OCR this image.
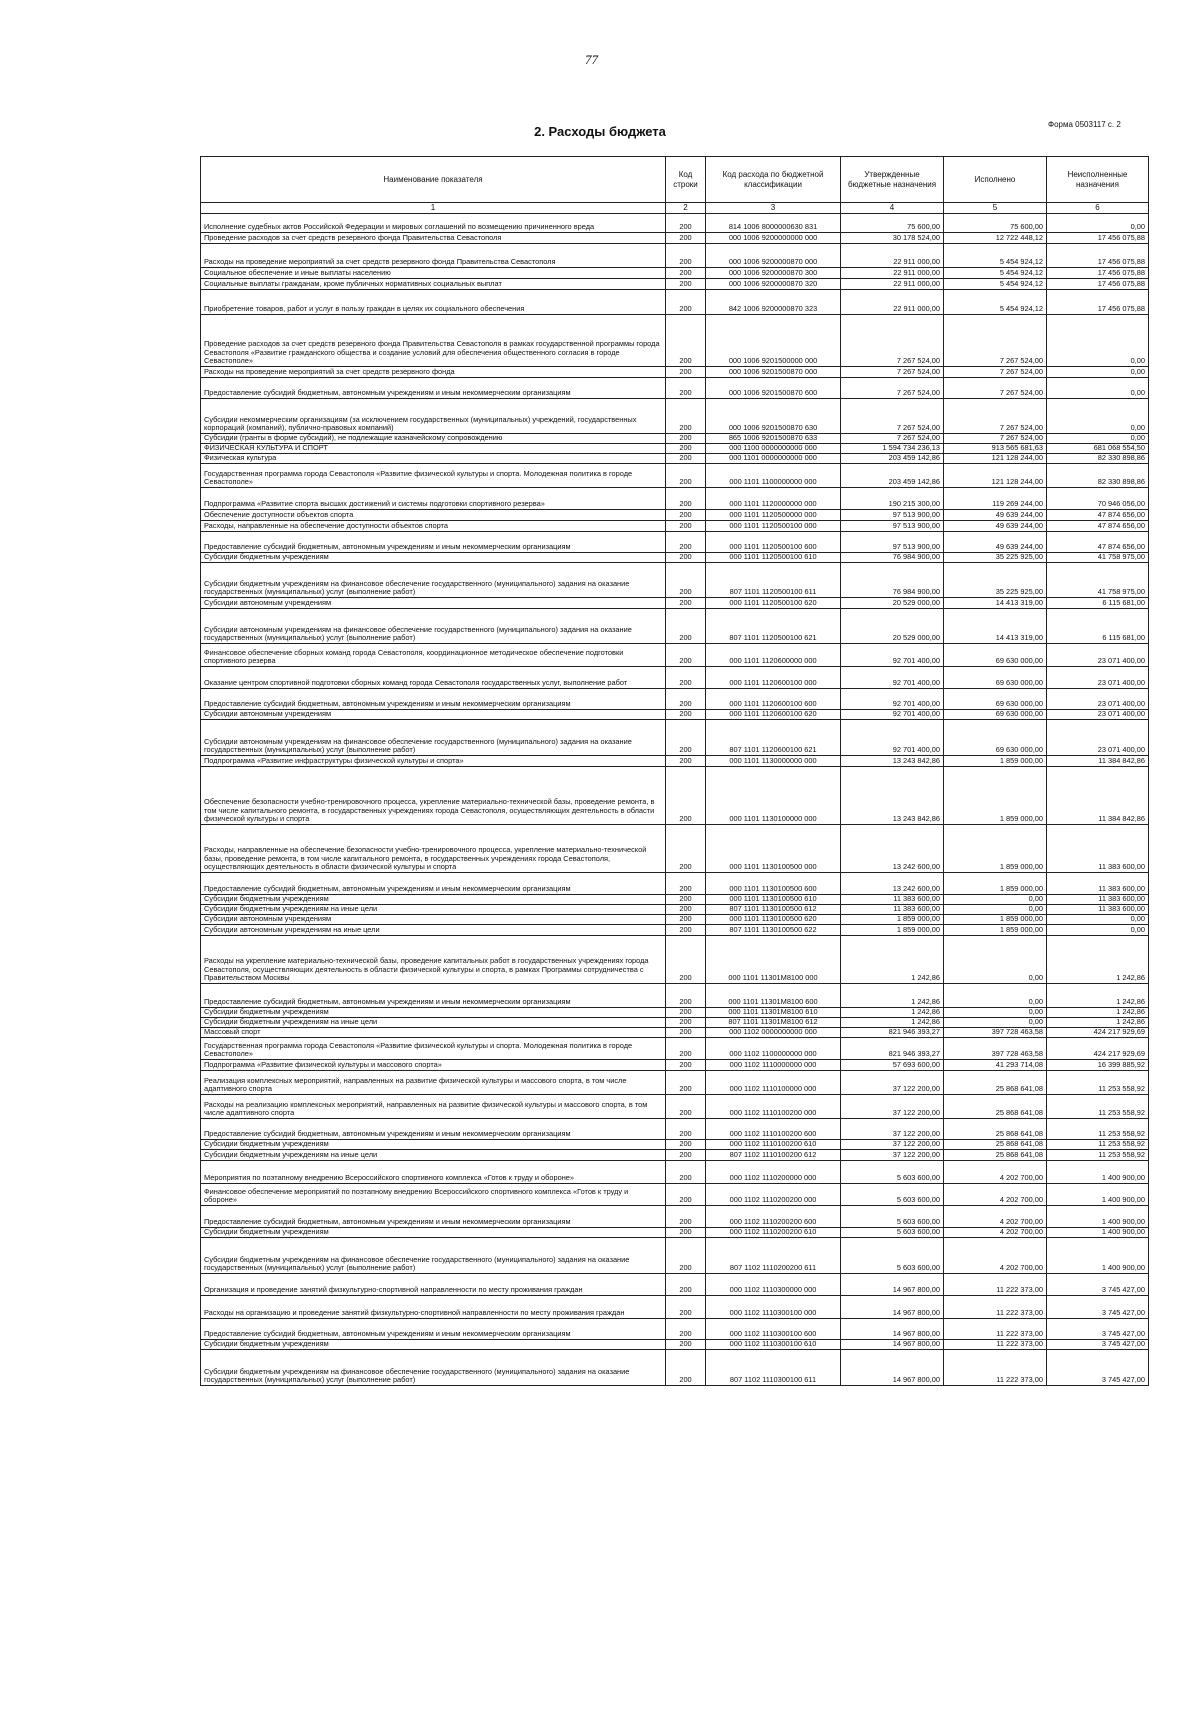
77
Форма 0503117 с. 2
2. Расходы бюджета
Наименование показателя	Код строки	Код расхода по бюджетной классификации	Утвержденные бюджетные назначения	Исполнено	Неисполненные назначения
1	2	3	4	5	6
Исполнение судебных актов Российской Федерации и мировых соглашений по возмещению причиненного вреда	200	814 1006 8000000630 831	75 600,00	75 600,00	0,00
Проведение расходов за счет средств резервного фонда Правительства Севастополя	200	000 1006 9200000000 000	30 178 524,00	12 722 448,12	17 456 075,88
Расходы на проведение мероприятий за счет средств резервного фонда Правительства Севастополя	200	000 1006 9200000870 000	22 911 000,00	5 454 924,12	17 456 075,88
Социальное обеспечение и иные выплаты населению	200	000 1006 9200000870 300	22 911 000,00	5 454 924,12	17 456 075,88
Социальные выплаты гражданам, кроме публичных нормативных социальных выплат	200	000 1006 9200000870 320	22 911 000,00	5 454 924,12	17 456 075,88
Приобретение товаров, работ и услуг в пользу граждан в целях их социального обеспечения	200	842 1006 9200000870 323	22 911 000,00	5 454 924,12	17 456 075,88
Проведение расходов за счет средств резервного фонда Правительства Севастополя в рамках государственной программы города Севастополя «Развитие гражданского общества и создание условий для обеспечения общественного согласия в городе Севастополе»	200	000 1006 9201500000 000	7 267 524,00	7 267 524,00	0,00
Расходы на проведение мероприятий за счет средств резервного фонда	200	000 1006 9201500870 000	7 267 524,00	7 267 524,00	0,00
Предоставление субсидий бюджетным, автономным учреждениям и иным некоммерческим организациям	200	000 1006 9201500870 600	7 267 524,00	7 267 524,00	0,00
Субсидии некоммерческим организациям (за исключением государственных (муниципальных) учреждений, государственных корпораций (компаний), публично-правовых компаний)	200	000 1006 9201500870 630	7 267 524,00	7 267 524,00	0,00
Субсидии (гранты в форме субсидий), не подлежащие казначейскому сопровождению	200	865 1006 9201500870 633	7 267 524,00	7 267 524,00	0,00
ФИЗИЧЕСКАЯ КУЛЬТУРА И СПОРТ	200	000 1100 0000000000 000	1 594 734 236,13	913 565 681,63	681 068 554,50
Физическая культура	200	000 1101 0000000000 000	203 459 142,86	121 128 244,00	82 330 898,86
Государственная программа города Севастополя «Развитие физической культуры и спорта. Молодежная политика в городе Севастополе»	200	000 1101 1100000000 000	203 459 142,86	121 128 244,00	82 330 898,86
Подпрограмма «Развитие спорта высших достижений и системы подготовки спортивного резерва»	200	000 1101 1120000000 000	190 215 300,00	119 269 244,00	70 946 056,00
Обеспечение доступности объектов спорта	200	000 1101 1120500000 000	97 513 900,00	49 639 244,00	47 874 656,00
Расходы, направленные на обеспечение доступности объектов спорта	200	000 1101 1120500100 000	97 513 900,00	49 639 244,00	47 874 656,00
Предоставление субсидий бюджетным, автономным учреждениям и иным некоммерческим организациям	200	000 1101 1120500100 600	97 513 900,00	49 639 244,00	47 874 656,00
Субсидии бюджетным учреждениям	200	000 1101 1120500100 610	76 984 900,00	35 225 925,00	41 758 975,00
Субсидии бюджетным учреждениям на финансовое обеспечение государственного (муниципального) задания на оказание государственных (муниципальных) услуг (выполнение работ)	200	807 1101 1120500100 611	76 984 900,00	35 225 925,00	41 758 975,00
Субсидии автономным учреждениям	200	000 1101 1120500100 620	20 529 000,00	14 413 319,00	6 115 681,00
Субсидии автономным учреждениям на финансовое обеспечение государственного (муниципального) задания на оказание государственных (муниципальных) услуг (выполнение работ)	200	807 1101 1120500100 621	20 529 000,00	14 413 319,00	6 115 681,00
Финансовое обеспечение сборных команд города Севастополя, координационное методическое обеспечение подготовки спортивного резерва	200	000 1101 1120600000 000	92 701 400,00	69 630 000,00	23 071 400,00
Оказание центром спортивной подготовки сборных команд города Севастополя государственных услуг, выполнение работ	200	000 1101 1120600100 000	92 701 400,00	69 630 000,00	23 071 400,00
Предоставление субсидий бюджетным, автономным учреждениям и иным некоммерческим организациям	200	000 1101 1120600100 600	92 701 400,00	69 630 000,00	23 071 400,00
Субсидии автономным учреждениям	200	000 1101 1120600100 620	92 701 400,00	69 630 000,00	23 071 400,00
Субсидии автономным учреждениям на финансовое обеспечение государственного (муниципального) задания на оказание государственных (муниципальных) услуг (выполнение работ)	200	807 1101 1120600100 621	92 701 400,00	69 630 000,00	23 071 400,00
Подпрограмма «Развитие инфраструктуры физической культуры и спорта»	200	000 1101 1130000000 000	13 243 842,86	1 859 000,00	11 384 842,86
Обеспечение безопасности учебно-тренировочного процесса, укрепление материально-технической базы, проведение ремонта, в том числе капитального ремонта, в государственных учреждениях города Севастополя, осуществляющих деятельность в области физической культуры и спорта	200	000 1101 1130100000 000	13 243 842,86	1 859 000,00	11 384 842,86
Расходы, направленные на обеспечение безопасности учебно-тренировочного процесса, укрепление материально-технической базы, проведение ремонта, в том числе капитального ремонта, в государственных учреждениях города Севастополя, осуществляющих деятельность в области физической культуры и спорта	200	000 1101 1130100500 000	13 242 600,00	1 859 000,00	11 383 600,00
Предоставление субсидий бюджетным, автономным учреждениям и иным некоммерческим организациям	200	000 1101 1130100500 600	13 242 600,00	1 859 000,00	11 383 600,00
Субсидии бюджетным учреждениям	200	000 1101 1130100500 610	11 383 600,00	0,00	11 383 600,00
Субсидии бюджетным учреждениям на иные цели	200	807 1101 1130100500 612	11 383 600,00	0,00	11 383 600,00
Субсидии автономным учреждениям	200	000 1101 1130100500 620	1 859 000,00	1 859 000,00	0,00
Субсидии автономным учреждениям на иные цели	200	807 1101 1130100500 622	1 859 000,00	1 859 000,00	0,00
Расходы на укрепление материально-технической базы, проведение капитальных работ в государственных учреждениях города Севастополя, осуществляющих деятельность в области физической культуры и спорта, в рамках Программы сотрудничества с Правительством Москвы	200	000 1101 11301M8100 000	1 242,86	0,00	1 242,86
Предоставление субсидий бюджетным, автономным учреждениям и иным некоммерческим организациям	200	000 1101 11301M8100 600	1 242,86	0,00	1 242,86
Субсидии бюджетным учреждениям	200	000 1101 11301M8100 610	1 242,86	0,00	1 242,86
Субсидии бюджетным учреждениям на иные цели	200	807 1101 11301M8100 612	1 242,86	0,00	1 242,86
Массовый спорт	200	000 1102 0000000000 000	821 946 393,27	397 728 463,58	424 217 929,69
Государственная программа города Севастополя «Развитие физической культуры и спорта. Молодежная политика в городе Севастополе»	200	000 1102 1100000000 000	821 946 393,27	397 728 463,58	424 217 929,69
Подпрограмма «Развитие физической культуры и массового спорта»	200	000 1102 1110000000 000	57 693 600,00	41 293 714,08	16 399 885,92
Реализация комплексных мероприятий, направленных на развитие физической культуры и массового спорта, в том числе адаптивного спорта	200	000 1102 1110100000 000	37 122 200,00	25 868 641,08	11 253 558,92
Расходы на реализацию комплексных мероприятий, направленных на развитие физической культуры и массового спорта, в том числе адаптивного спорта	200	000 1102 1110100200 000	37 122 200,00	25 868 641,08	11 253 558,92
Предоставление субсидий бюджетным, автономным учреждениям и иным некоммерческим организациям	200	000 1102 1110100200 600	37 122 200,00	25 868 641,08	11 253 558,92
Субсидии бюджетным учреждениям	200	000 1102 1110100200 610	37 122 200,00	25 868 641,08	11 253 558,92
Субсидии бюджетным учреждениям на иные цели	200	807 1102 1110100200 612	37 122 200,00	25 868 641,08	11 253 558,92
Мероприятия по поэтапному внедрению Всероссийского спортивного комплекса «Готов к труду и обороне»	200	000 1102 1110200000 000	5 603 600,00	4 202 700,00	1 400 900,00
Финансовое обеспечение мероприятий по поэтапному внедрению Всероссийского спортивного комплекса «Готов к труду и обороне»	200	000 1102 1110200200 000	5 603 600,00	4 202 700,00	1 400 900,00
Предоставление субсидий бюджетным, автономным учреждениям и иным некоммерческим организациям	200	000 1102 1110200200 600	5 603 600,00	4 202 700,00	1 400 900,00
Субсидии бюджетным учреждениям	200	000 1102 1110200200 610	5 603 600,00	4 202 700,00	1 400 900,00
Субсидии бюджетным учреждениям на финансовое обеспечение государственного (муниципального) задания на оказание государственных (муниципальных) услуг (выполнение работ)	200	807 1102 1110200200 611	5 603 600,00	4 202 700,00	1 400 900,00
Организация и проведение занятий физкультурно-спортивной направленности по месту проживания граждан	200	000 1102 1110300000 000	14 967 800,00	11 222 373,00	3 745 427,00
Расходы на организацию и проведение занятий физкультурно-спортивной направленности по месту проживания граждан	200	000 1102 1110300100 000	14 967 800,00	11 222 373,00	3 745 427,00
Предоставление субсидий бюджетным, автономным учреждениям и иным некоммерческим организациям	200	000 1102 1110300100 600	14 967 800,00	11 222 373,00	3 745 427,00
Субсидии бюджетным учреждениям	200	000 1102 1110300100 610	14 967 800,00	11 222 373,00	3 745 427,00
Субсидии бюджетным учреждениям на финансовое обеспечение государственного (муниципального) задания на оказание государственных (муниципальных) услуг (выполнение работ)	200	807 1102 1110300100 611	14 967 800,00	11 222 373,00	3 745 427,00
